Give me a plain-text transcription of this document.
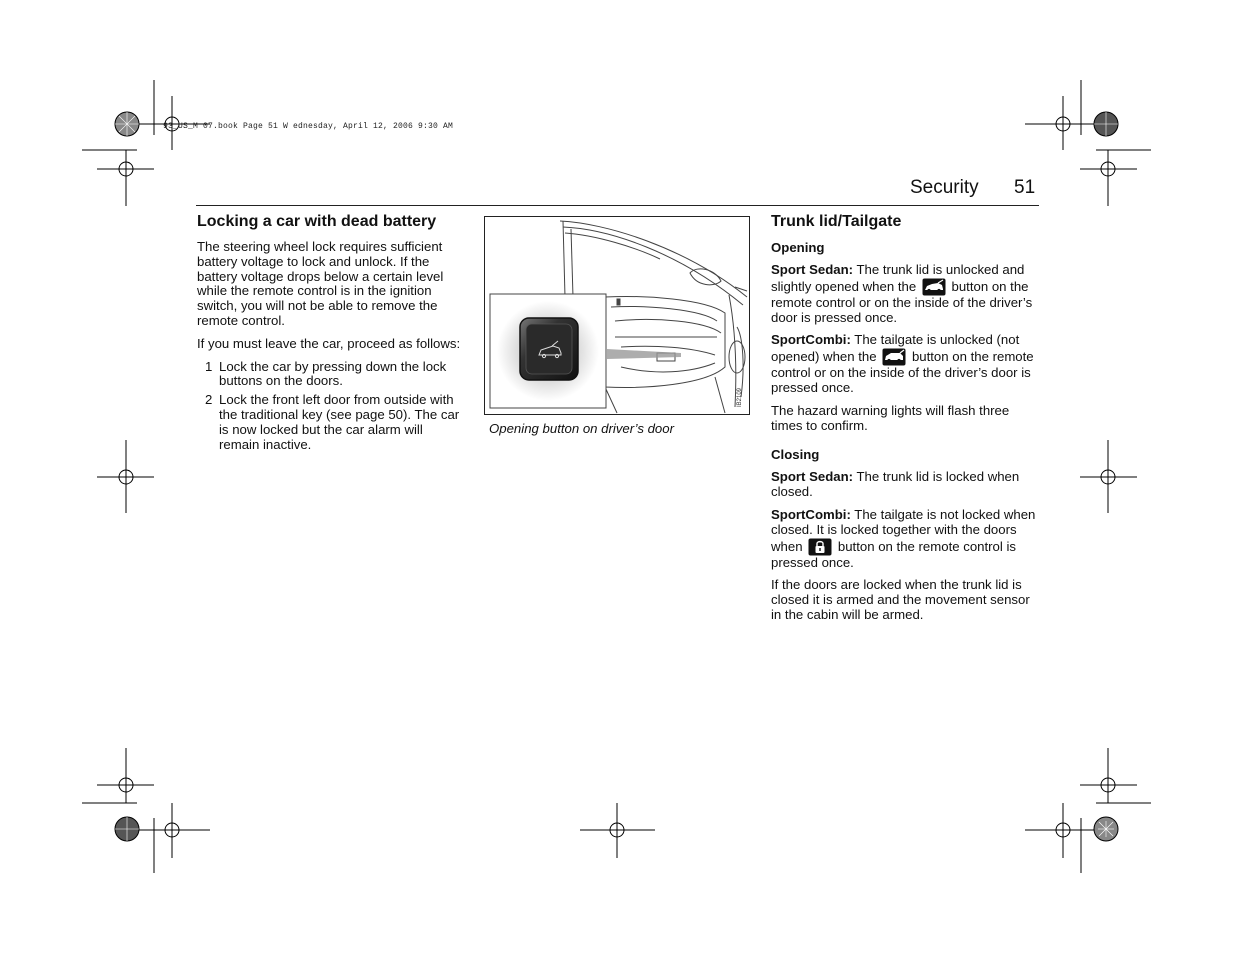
93_US_M 07.book Page 51 W ednesday, April 12, 2006 9:30 AM
Security 51
Locking a car with dead battery

The steering wheel lock requires sufficient battery voltage to lock and unlock. If the battery voltage drops below a certain level while the remote control is in the ignition switch, you will not be able to remove the remote control.

If you must leave the car, proceed as follows:

1 Lock the car by pressing down the lock buttons on the doors.
2 Lock the front left door from outside with the traditional key (see page 50). The car is now locked but the car alarm will remain inactive.
IB2109
Opening button on driver’s door
Trunk lid/Tailgate
Opening

Sport Sedan: The trunk lid is unlocked and slightly opened when the	button on the remote control or on the inside of the driver’s door is pressed once.

SportCombi: The tailgate is unlocked (not opened) when the	button on the remote control or on the inside of the driver’s door is pressed once.

The hazard warning lights will flash three times to confirm.

Closing

Sport Sedan: The trunk lid is locked when closed.

SportCombi: The tailgate is not locked when closed. It is locked together with the doors when	button on the remote control is pressed once.

If the doors are locked when the trunk lid is closed it is armed and the movement sensor in the cabin will be armed.
